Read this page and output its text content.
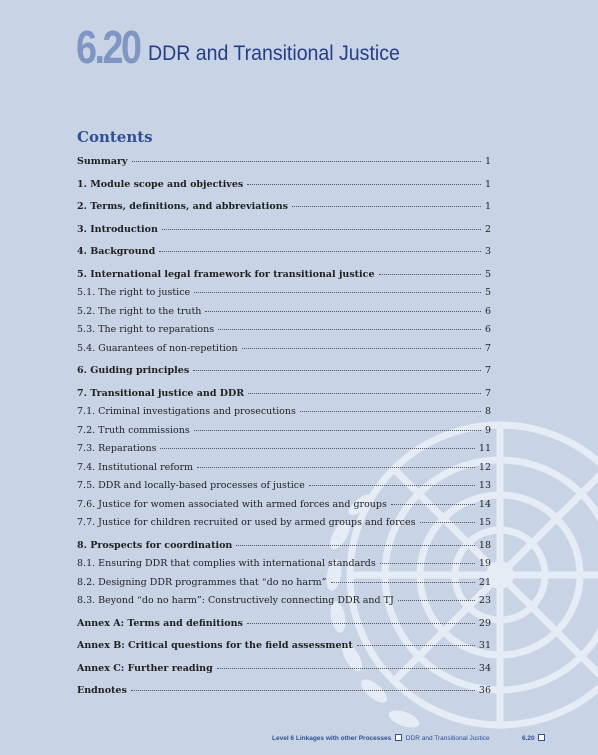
6.20 DDR and Transitional Justice
Contents
Summary	1
1. Module scope and objectives	1
2. Terms, definitions, and abbreviations	1
3. Introduction	2
4. Background	3
5. International legal framework for transitional justice	5
5.1. The right to justice	5
5.2. The right to the truth	6
5.3. The right to reparations	6
5.4. Guarantees of non-repetition	7
6. Guiding principles	7
7. Transitional justice and DDR	7
7.1. Criminal investigations and prosecutions	8
7.2. Truth commissions	9
7.3. Reparations	11
7.4. Institutional reform	12
7.5. DDR and locally-based processes of justice	13
7.6. Justice for women associated with armed forces and groups	14
7.7. Justice for children recruited or used by armed groups and forces	15
8. Prospects for coordination	18
8.1. Ensuring DDR that complies with international standards	19
8.2. Designing DDR programmes that “do no harm”	21
8.3. Beyond “do no harm”: Constructively connecting DDR and TJ	23
Annex A: Terms and definitions	29
Annex B: Critical questions for the field assessment	31
Annex C: Further reading	34
Endnotes	36
Level 6 Linkages with other Processes DDR and Transitional Justice	6.20
